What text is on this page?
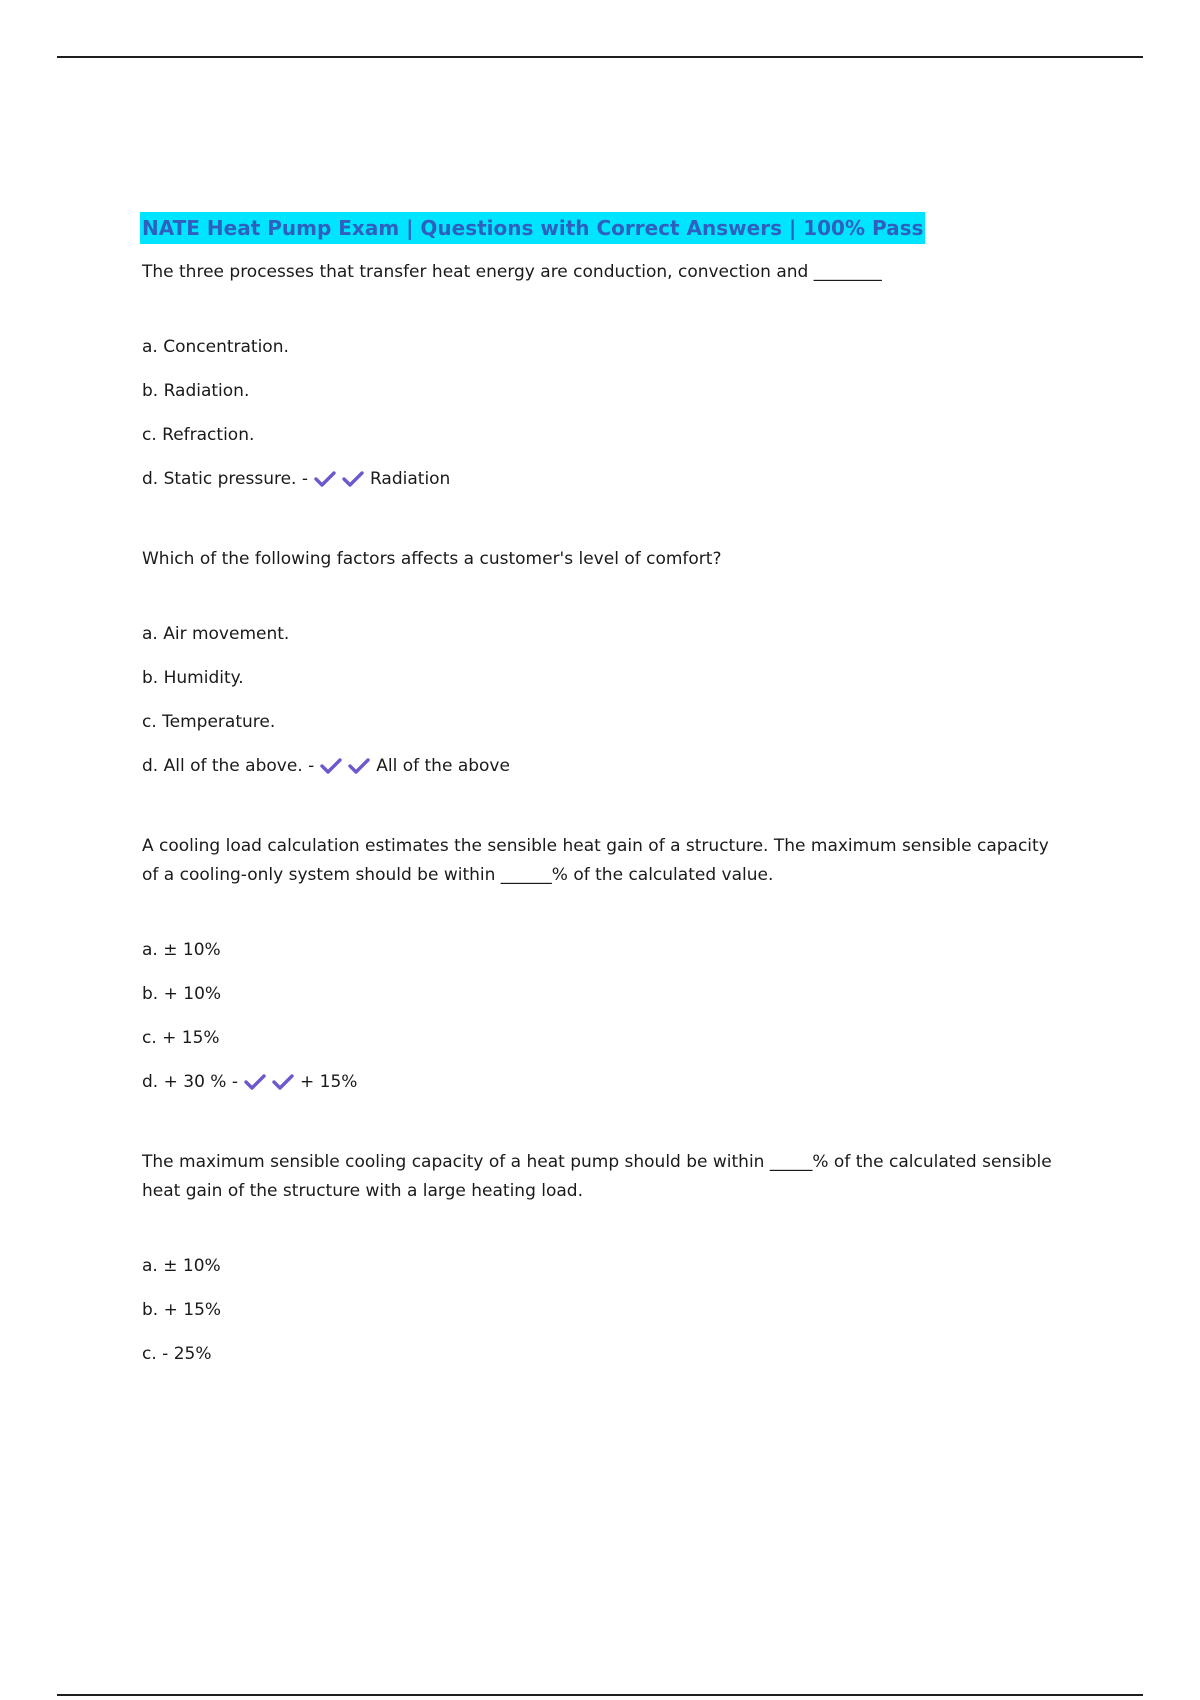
NATE Heat Pump Exam | Questions with Correct Answers | 100% Pass
The three processes that transfer heat energy are conduction, convection and ________
a. Concentration.
b. Radiation.
c. Refraction.
d. Static pressure. -	Radiation
Which of the following factors affects a customer's level of comfort?
a. Air movement.
b. Humidity.
c. Temperature.
d. All of the above. -	All of the above
A cooling load calculation estimates the sensible heat gain of a structure. The maximum sensible capacity of a cooling-only system should be within ______% of the calculated value.
a. ± 10%
b. + 10%
c. + 15%
d. + 30 % -	+ 15%
The maximum sensible cooling capacity of a heat pump should be within _____% of the calculated sensible heat gain of the structure with a large heating load.
a. ± 10%
b. + 15%
c. - 25%
